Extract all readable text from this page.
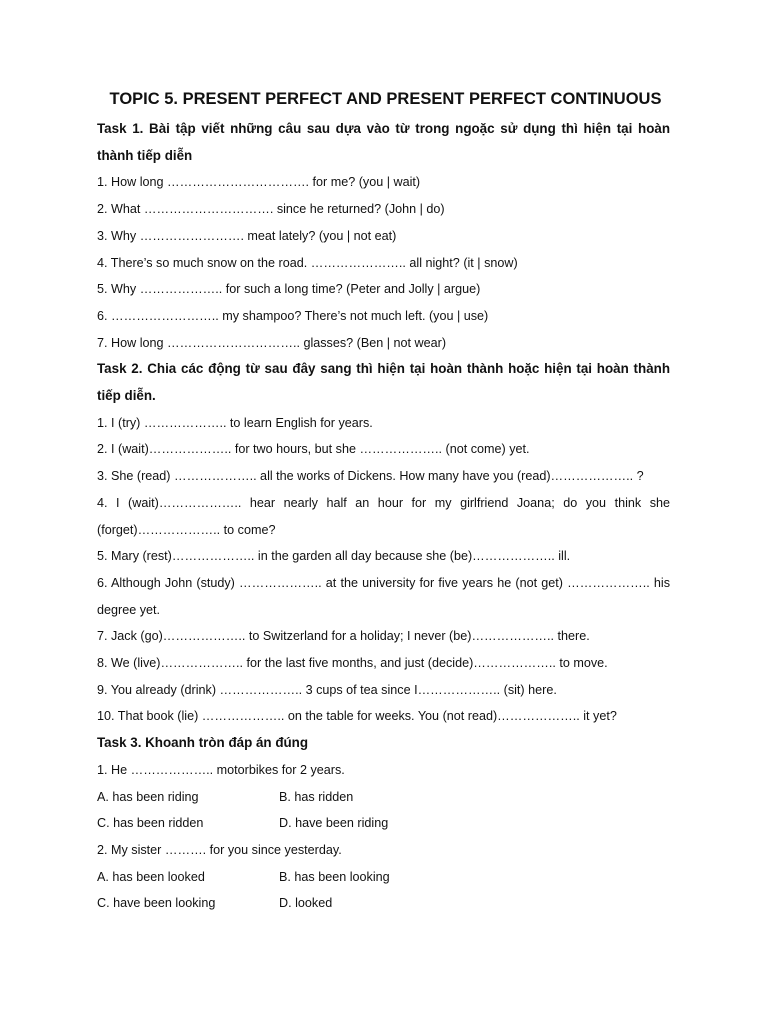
TOPIC 5. PRESENT PERFECT AND PRESENT PERFECT CONTINUOUS

Task 1. Bài tập viết những câu sau dựa vào từ trong ngoặc sử dụng thì hiện tại hoàn thành tiếp diễn

1. How long ……………………………. for me? (you | wait)

2. What …………………………. since he returned? (John | do)

3. Why ……………………. meat lately? (you | not eat)

4. There’s so much snow on the road. ………………….. all night? (it | snow)

5. Why ……………….. for such a long time? (Peter and Jolly | argue)

6. …………………….. my shampoo? There’s not much left. (you | use)

7. How long ………………………….. glasses? (Ben | not wear)

Task 2. Chia các động từ sau đây sang thì hiện tại hoàn thành hoặc hiện tại hoàn thành tiếp diễn.

1. I (try) ……………….. to learn English for years.

2. I (wait)……………….. for two hours, but she ……………….. (not come) yet.

3. She (read) ……………….. all the works of Dickens. How many have you (read)……………….. ?

4. I (wait)……………….. hear nearly half an hour for my girlfriend Joana; do you think she (forget)……………….. to come?

5. Mary (rest)……………….. in the garden all day because she (be)……………….. ill.

6. Although John (study) ……………….. at the university for five years he (not get) ……………….. his degree yet.

7. Jack (go)……………….. to Switzerland for a holiday; I never (be)……………….. there.

8. We (live)……………….. for the last five months, and just (decide)……………….. to move.

9. You already (drink) ……………….. 3 cups of tea since I……………….. (sit) here.

10. That book (lie) ……………….. on the table for weeks. You (not read)……………….. it yet?

Task 3. Khoanh tròn đáp án đúng

1. He ……………….. motorbikes for 2 years.

A. has been riding	B. has ridden
C. has been ridden	D. have been riding

2. My sister ………. for you since yesterday.

A. has been looked	B. has been looking
C. have been looking	D. looked
